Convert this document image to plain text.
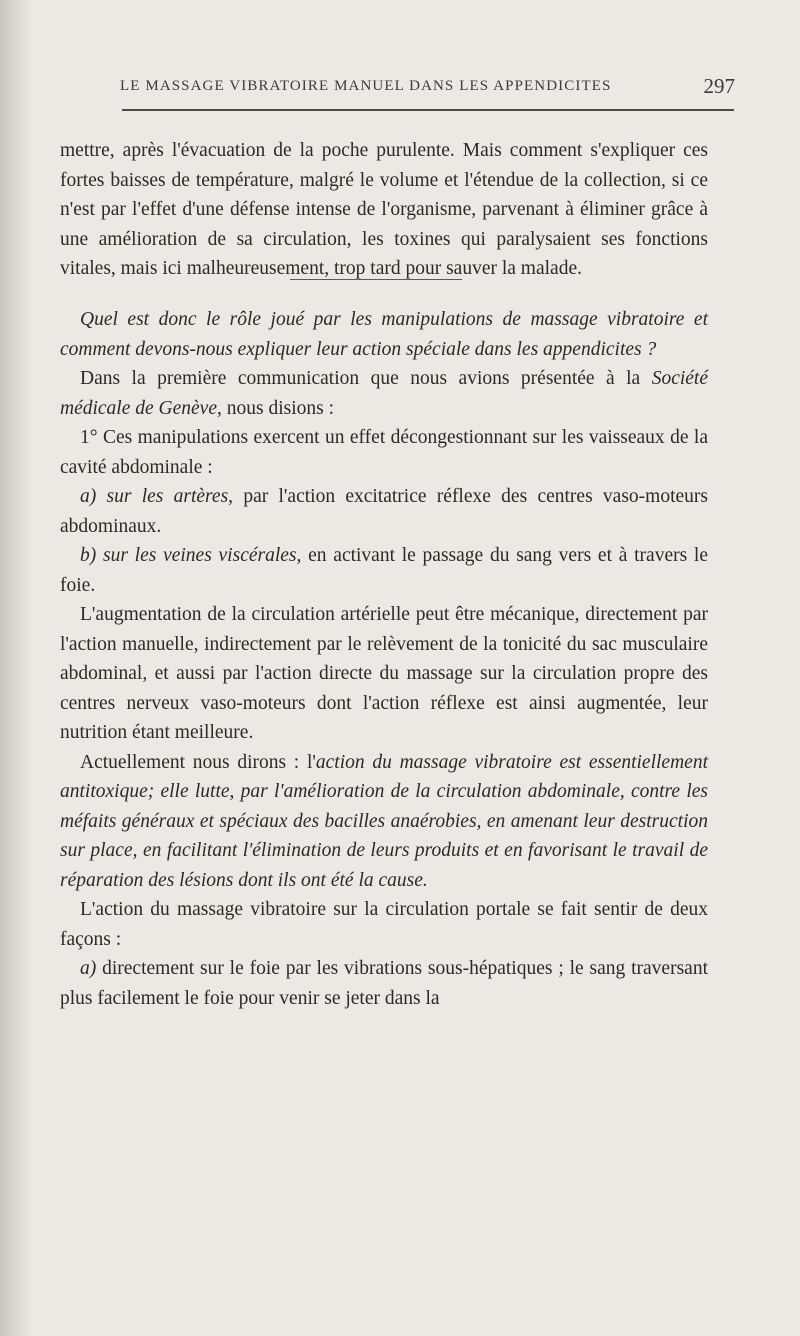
LE MASSAGE VIBRATOIRE MANUEL DANS LES APPENDICITES	297

mettre, après l'évacuation de la poche purulente. Mais comment s'expliquer ces fortes baisses de température, malgré le volume et l'étendue de la collection, si ce n'est par l'effet d'une défense intense de l'organisme, parvenant à éliminer grâce à une amélioration de sa circulation, les toxines qui paralysaient ses fonctions vitales, mais ici malheureusement, trop tard pour sauver la malade.

Quel est donc le rôle joué par les manipulations de massage vibratoire et comment devons-nous expliquer leur action spéciale dans les appendicites ?

Dans la première communication que nous avions présentée à la Société médicale de Genève, nous disions :

1° Ces manipulations exercent un effet décongestionnant sur les vaisseaux de la cavité abdominale :

a) sur les artères, par l'action excitatrice réflexe des centres vaso-moteurs abdominaux.

b) sur les veines viscérales, en activant le passage du sang vers et à travers le foie.

L'augmentation de la circulation artérielle peut être mécanique, directement par l'action manuelle, indirectement par le relèvement de la tonicité du sac musculaire abdominal, et aussi par l'action directe du massage sur la circulation propre des centres nerveux vaso-moteurs dont l'action réflexe est ainsi augmentée, leur nutrition étant meilleure.

Actuellement nous dirons : l'action du massage vibratoire est essentiellement antitoxique; elle lutte, par l'amélioration de la circulation abdominale, contre les méfaits généraux et spéciaux des bacilles anaérobies, en amenant leur destruction sur place, en facilitant l'élimination de leurs produits et en favorisant le travail de réparation des lésions dont ils ont été la cause.

L'action du massage vibratoire sur la circulation portale se fait sentir de deux façons :

a) directement sur le foie par les vibrations sous-hépatiques ; le sang traversant plus facilement le foie pour venir se jeter dans la
